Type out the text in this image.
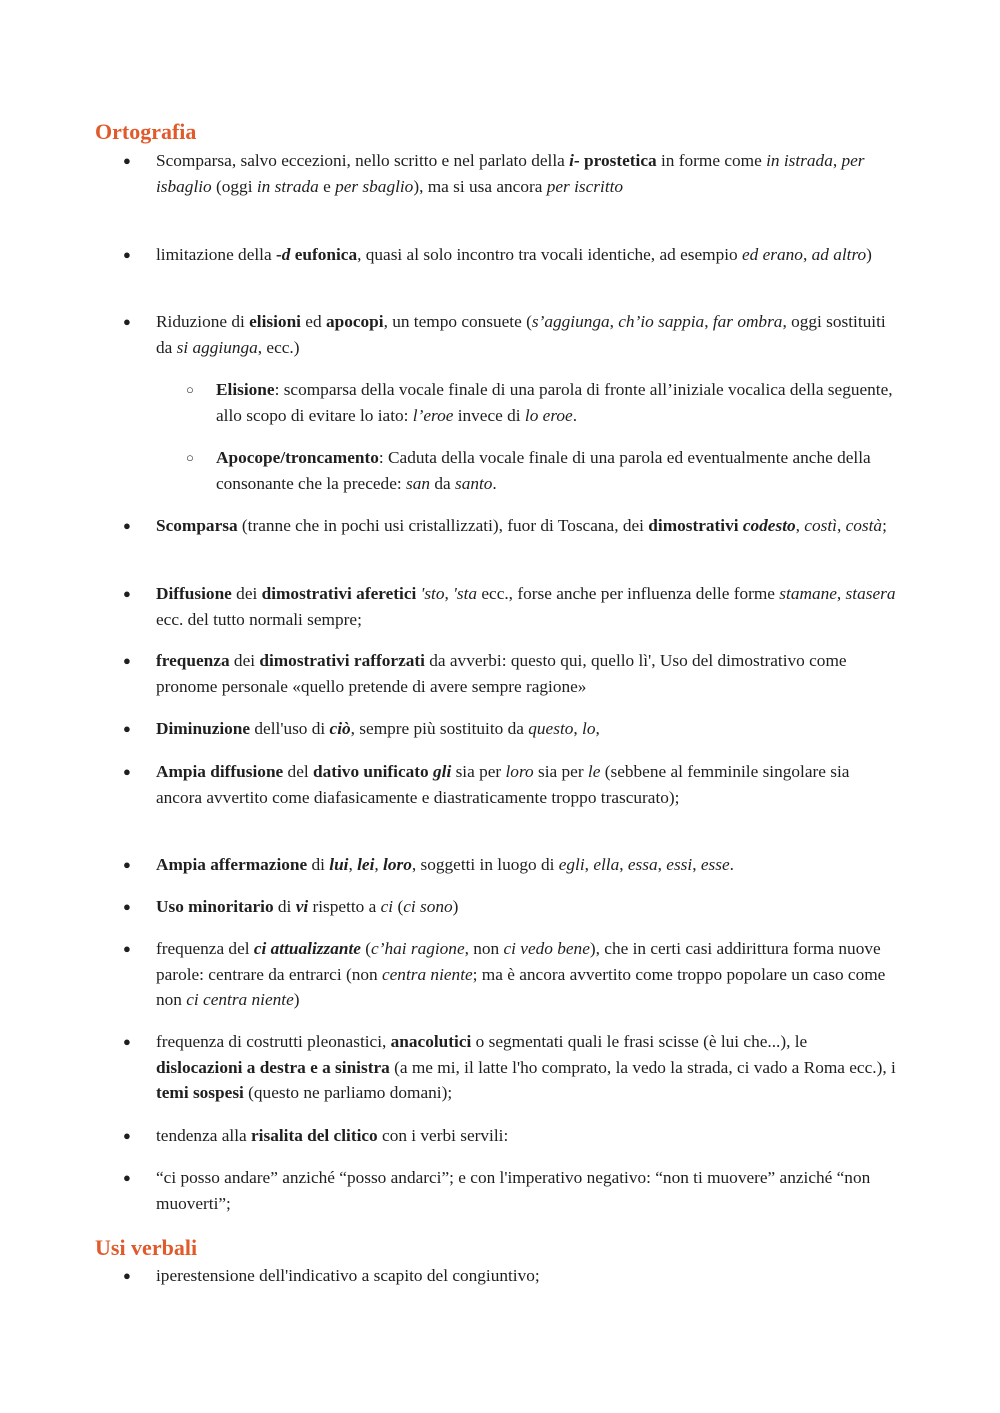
Ortografia

● Scomparsa, salvo eccezioni, nello scritto e nel parlato della i- prostetica in forme come in istrada, per isbaglio (oggi in strada e per sbaglio), ma si usa ancora per iscritto

● limitazione della -d eufonica, quasi al solo incontro tra vocali identiche, ad esempio ed erano, ad altro)

● Riduzione di elisioni ed apocopi, un tempo consuete (s’aggiunga, ch’io sappia, far ombra, oggi sostituiti da si aggiunga, ecc.)

○ Elisione: scomparsa della vocale finale di una parola di fronte all’iniziale vocalica della seguente, allo scopo di evitare lo iato: l’eroe invece di lo eroe.

○ Apocope/troncamento: Caduta della vocale finale di una parola ed eventualmente anche della consonante che la precede: san da santo.

● Scomparsa (tranne che in pochi usi cristallizzati), fuor di Toscana, dei dimostrativi codesto, costì, costà;

● Diffusione dei dimostrativi aferetici 'sto, 'sta ecc., forse anche per influenza delle forme stamane, stasera ecc. del tutto normali sempre;

● frequenza dei dimostrativi rafforzati da avverbi: questo qui, quello lì', Uso del dimostrativo come pronome personale «quello pretende di avere sempre ragione»

● Diminuzione dell'uso di ciò, sempre più sostituito da questo, lo,

● Ampia diffusione del dativo unificato gli sia per loro sia per le (sebbene al femminile singolare sia ancora avvertito come diafasicamente e diastraticamente troppo trascurato);

● Ampia affermazione di lui, lei, loro, soggetti in luogo di egli, ella, essa, essi, esse.

● Uso minoritario di vi rispetto a ci (ci sono)

● frequenza del ci attualizzante (c’hai ragione, non ci vedo bene), che in certi casi addirittura forma nuove parole: centrare da entrarci (non centra niente; ma è ancora avvertito come troppo popolare un caso come non ci centra niente)

● frequenza di costrutti pleonastici, anacolutici o segmentati quali le frasi scisse (è lui che...), le dislocazioni a destra e a sinistra (a me mi, il latte l'ho comprato, la vedo la strada, ci vado a Roma ecc.), i temi sospesi (questo ne parliamo domani);

● tendenza alla risalita del clitico con i verbi servili:

● “ci posso andare” anziché “posso andarci”; e con l'imperativo negativo: “non ti muovere” anziché “non muoverti”;

Usi verbali

● iperestensione dell'indicativo a scapito del congiuntivo;
